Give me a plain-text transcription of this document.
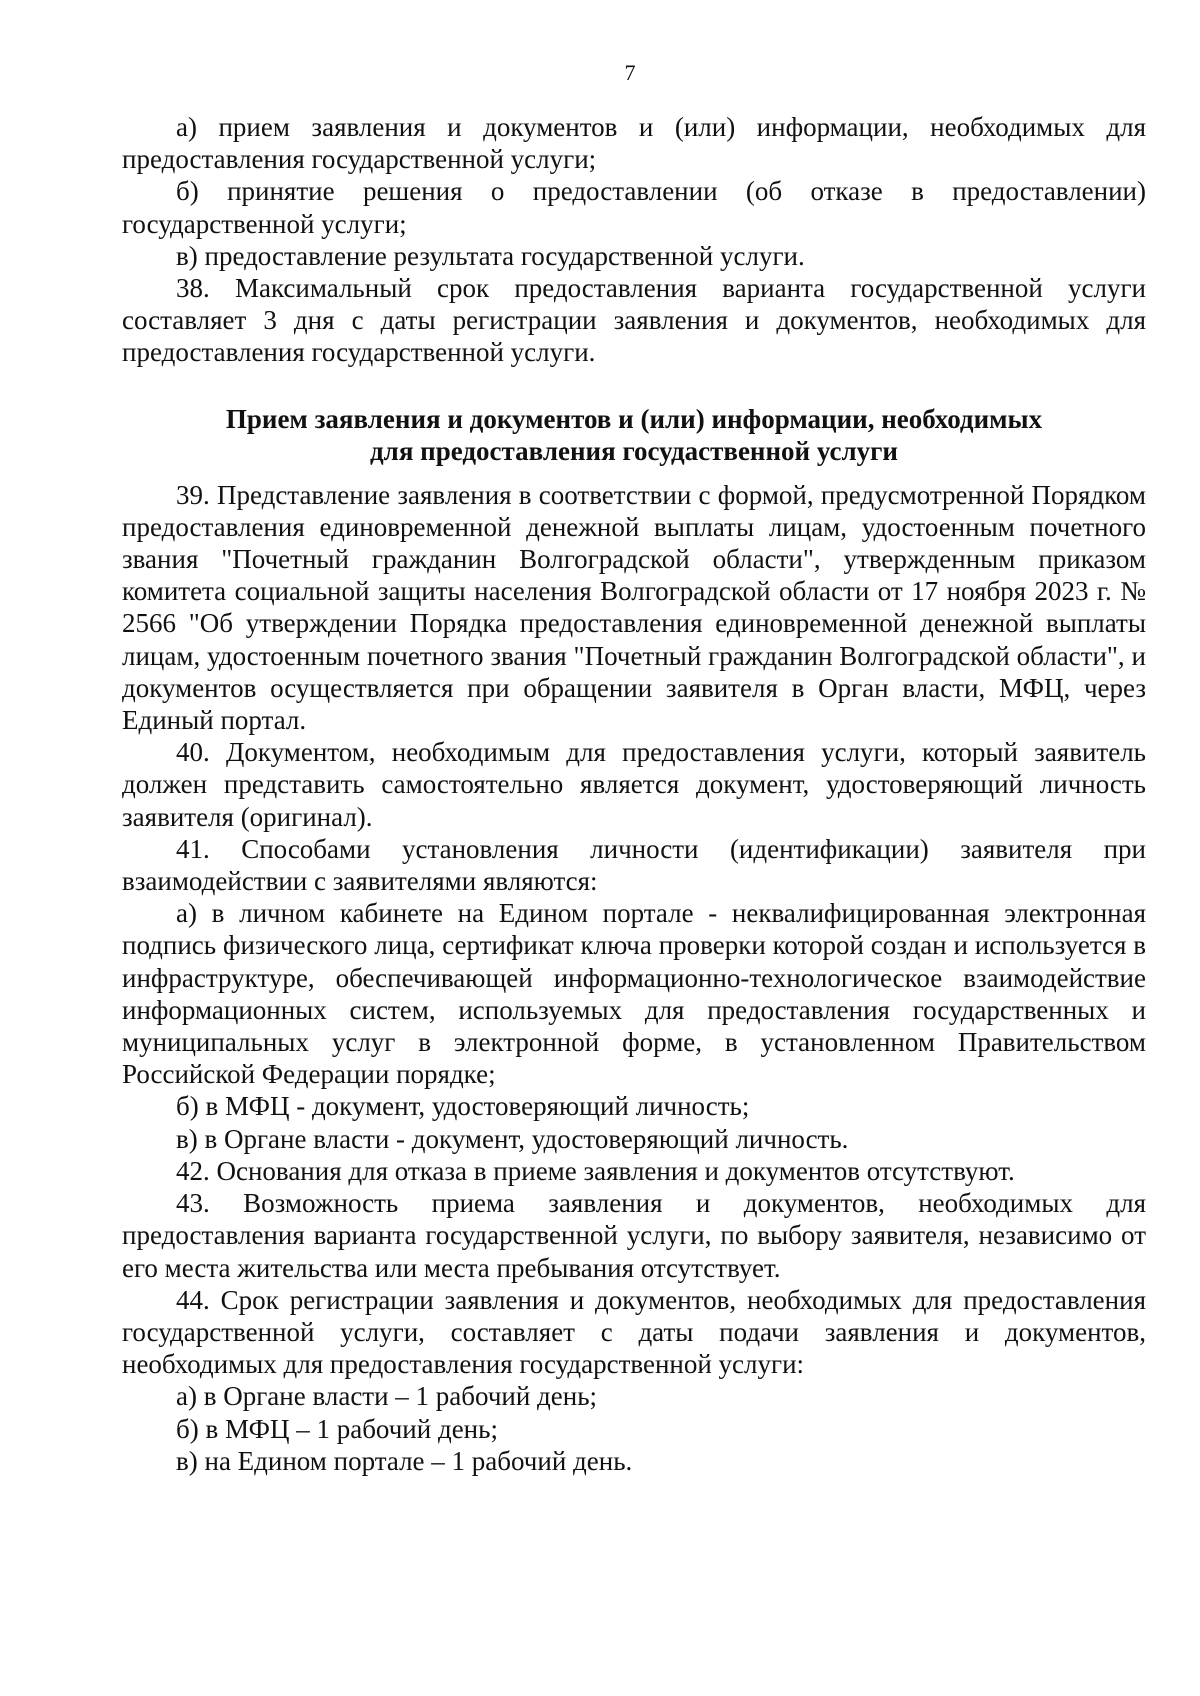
7

а) прием заявления и документов и (или) информации, необходимых для предоставления государственной услуги;

б) принятие решения о предоставлении (об отказе в предоставлении) государственной услуги;

в) предоставление результата государственной услуги.

38. Максимальный срок предоставления варианта государственной услуги составляет 3 дня с даты регистрации заявления и документов, необходимых для предоставления государственной услуги.

Прием заявления и документов и (или) информации, необходимых
для предоставления госудаственной услуги

39. Представление заявления в соответствии с формой, предусмотренной Порядком предоставления единовременной денежной выплаты лицам, удостоенным почетного звания "Почетный гражданин Волгоградской области", утвержденным приказом комитета социальной защиты населения Волгоградской области от 17 ноября 2023 г. № 2566 "Об утверждении Порядка предоставления единовременной денежной выплаты лицам, удостоенным почетного звания "Почетный гражданин Волгоградской области", и документов осуществляется при обращении заявителя в Орган власти, МФЦ, через Единый портал.

40. Документом, необходимым для предоставления услуги, который заявитель должен представить самостоятельно является документ, удостоверяющий личность заявителя (оригинал).

41. Способами установления личности (идентификации) заявителя при взаимодействии с заявителями являются:

а) в личном кабинете на Едином портале - неквалифицированная электронная подпись физического лица, сертификат ключа проверки которой создан и используется в инфраструктуре, обеспечивающей информационно-технологическое взаимодействие информационных систем, используемых для предоставления государственных и муниципальных услуг в электронной форме, в установленном Правительством Российской Федерации порядке;

б) в МФЦ - документ, удостоверяющий личность;

в) в Органе власти - документ, удостоверяющий личность.

42. Основания для отказа в приеме заявления и документов отсутствуют.

43. Возможность приема заявления и документов, необходимых для предоставления варианта государственной услуги, по выбору заявителя, независимо от его места жительства или места пребывания отсутствует.

44. Срок регистрации заявления и документов, необходимых для предоставления государственной услуги, составляет с даты подачи заявления и документов, необходимых для предоставления государственной услуги:

а) в Органе власти – 1 рабочий день;

б) в МФЦ – 1 рабочий день;

в) на Едином портале – 1 рабочий день.
